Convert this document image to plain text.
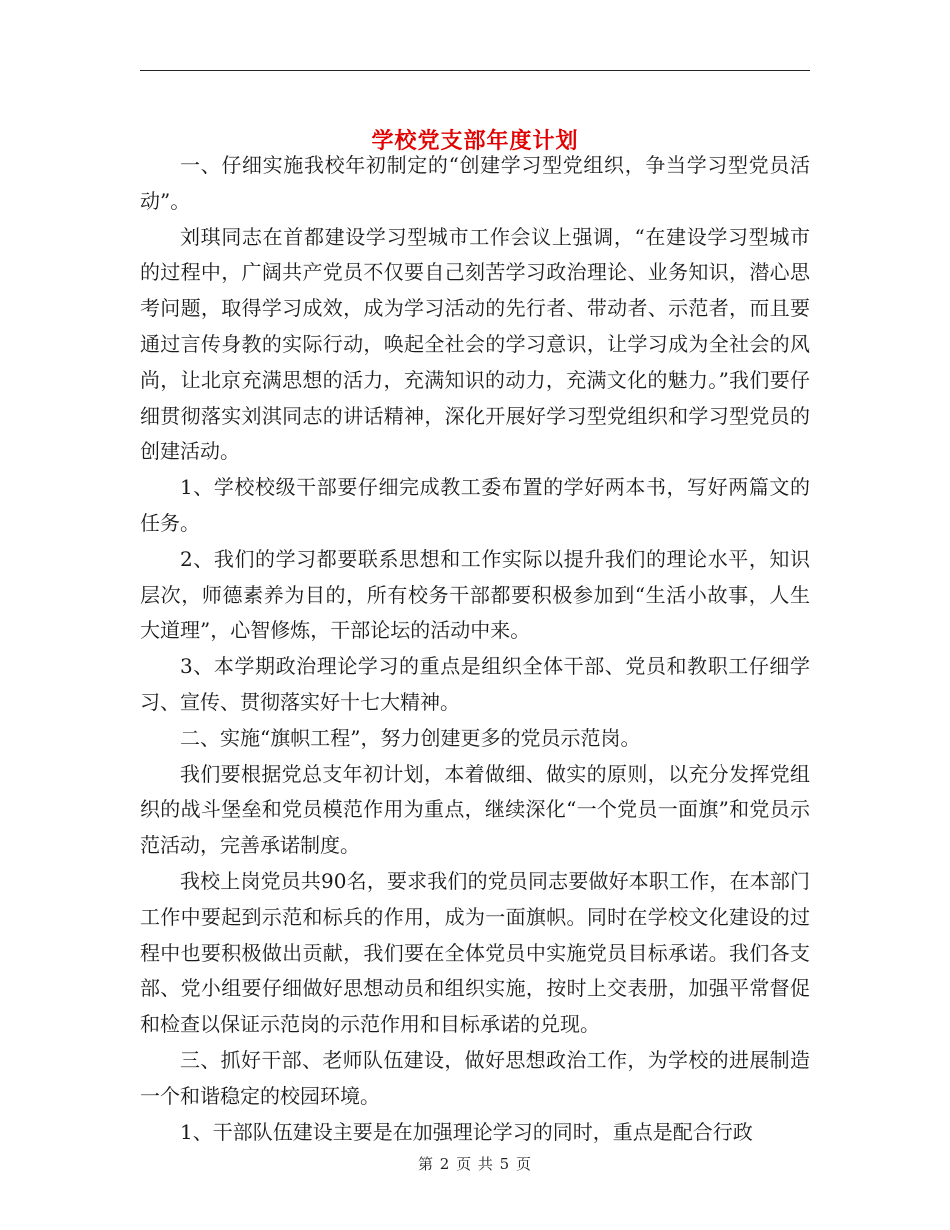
学校党支部年度计划

一、仔细实施我校年初制定的“创建学习型党组织，争当学习型党员活动”。

刘琪同志在首都建设学习型城市工作会议上强调，“在建设学习型城市的过程中，广阔共产党员不仅要自己刻苦学习政治理论、业务知识，潜心思考问题，取得学习成效，成为学习活动的先行者、带动者、示范者，而且要通过言传身教的实际行动，唤起全社会的学习意识，让学习成为全社会的风尚，让北京充满思想的活力，充满知识的动力，充满文化的魅力。”我们要仔细贯彻落实刘淇同志的讲话精神，深化开展好学习型党组织和学习型党员的创建活动。

1、学校校级干部要仔细完成教工委布置的学好两本书，写好两篇文的任务。

2、我们的学习都要联系思想和工作实际以提升我们的理论水平，知识层次，师德素养为目的，所有校务干部都要积极参加到“生活小故事，人生大道理”，心智修炼，干部论坛的活动中来。

3、本学期政治理论学习的重点是组织全体干部、党员和教职工仔细学习、宣传、贯彻落实好十七大精神。

二、实施“旗帜工程”，努力创建更多的党员示范岗。

我们要根据党总支年初计划，本着做细、做实的原则，以充分发挥党组织的战斗堡垒和党员模范作用为重点，继续深化“一个党员一面旗”和党员示范活动，完善承诺制度。

我校上岗党员共90名，要求我们的党员同志要做好本职工作，在本部门工作中要起到示范和标兵的作用，成为一面旗帜。同时在学校文化建设的过程中也要积极做出贡献，我们要在全体党员中实施党员目标承诺。我们各支部、党小组要仔细做好思想动员和组织实施，按时上交表册，加强平常督促和检查以保证示范岗的示范作用和目标承诺的兑现。

三、抓好干部、老师队伍建设，做好思想政治工作，为学校的进展制造一个和谐稳定的校园环境。

1、干部队伍建设主要是在加强理论学习的同时，重点是配合行政

第 2 页 共 5 页
